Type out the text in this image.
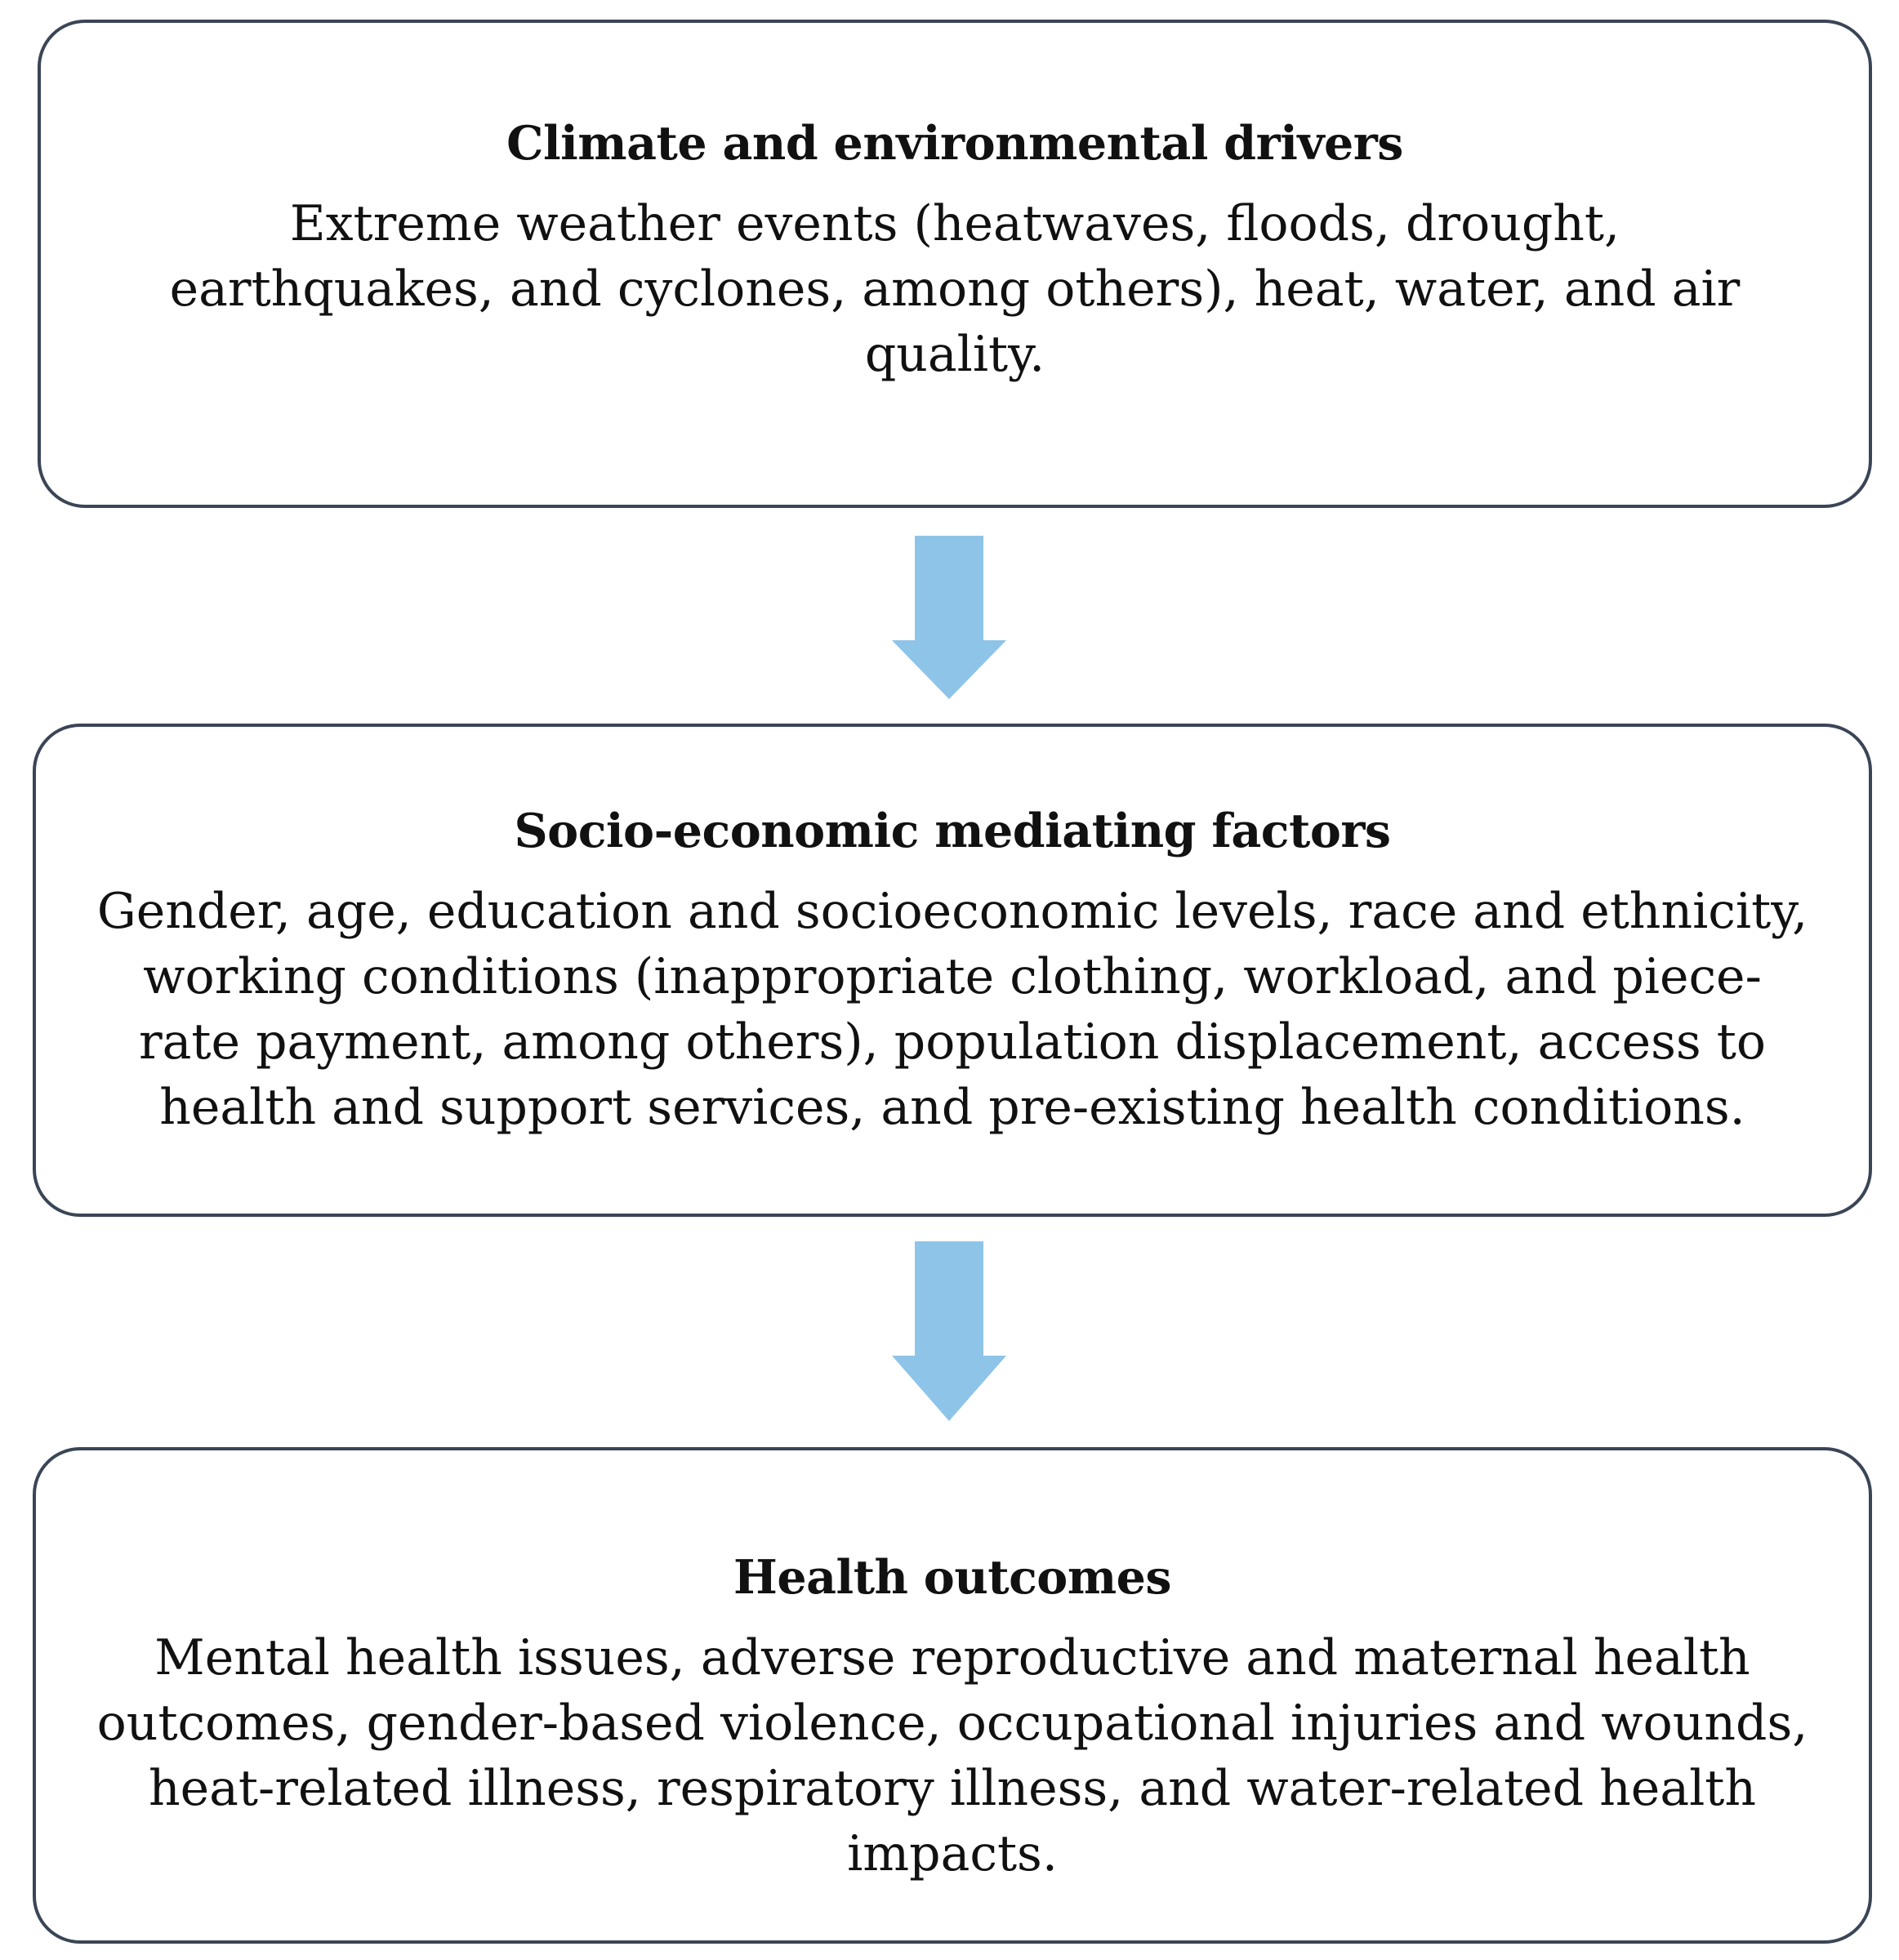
Climate and environmental drivers
Extreme weather events (heatwaves, floods, drought, earthquakes, and cyclones, among others), heat, water, and air quality.
Socio-economic mediating factors
Gender, age, education and socioeconomic levels, race and ethnicity, working conditions (inappropriate clothing, workload, and piece-rate payment, among others), population displacement, access to health and support services, and pre-existing health conditions.
Health outcomes
Mental health issues, adverse reproductive and maternal health outcomes, gender-based violence, occupational injuries and wounds, heat-related illness, respiratory illness, and water-related health impacts.
